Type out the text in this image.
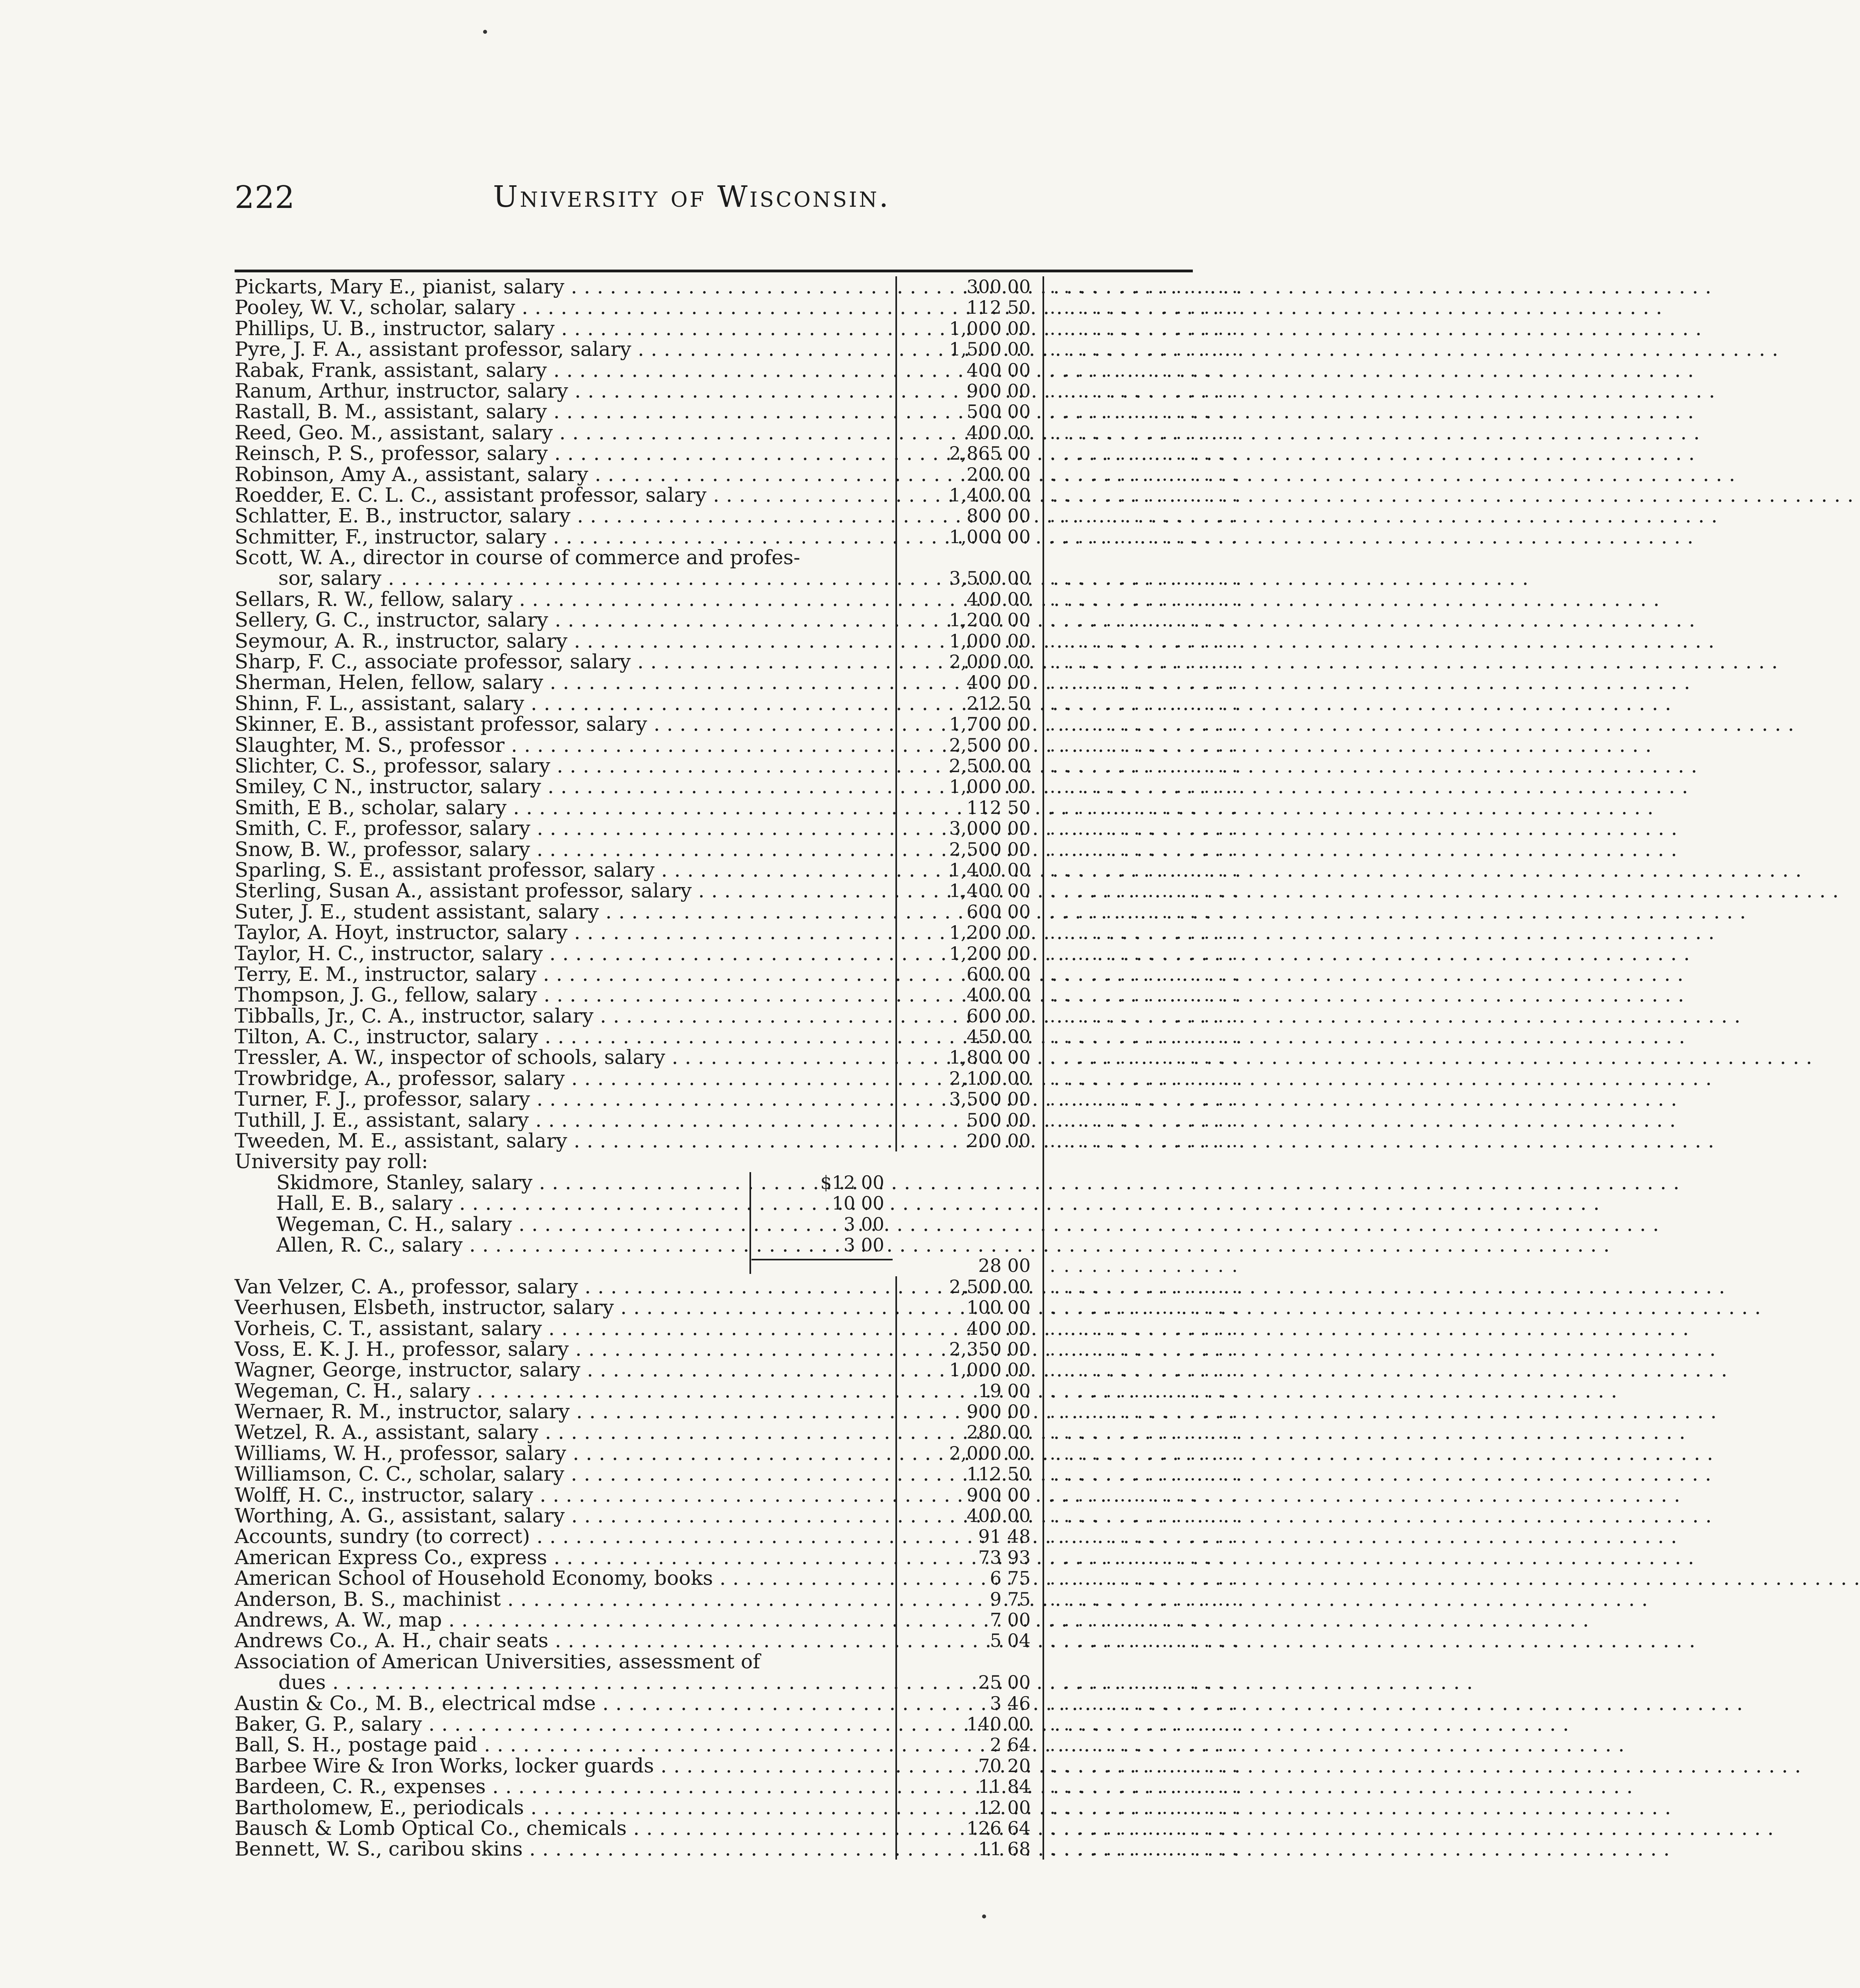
222	University of Wisconsin.
Pickarts, Mary E., pianist, salary . . .	300 00 . . . . . . . . . . . . . .
Pooley, W. V., scholar, salary . . .	112 50 . . . . . . . . . . . . . .
Phillips, U. B., instructor, salary . . .	1,000 00 . . . . . . . . . . . . . .
Pyre, J. F. A., assistant professor, salary . . .	1,500 00 . . . . . . . . . . . . . .
Rabak, Frank, assistant, salary . . .	400 00 . . . . . . . . . . . . . .
Ranum, Arthur, instructor, salary . . .	900 00 . . . . . . . . . . . . . .
Rastall, B. M., assistant, salary . . .	500 00 . . . . . . . . . . . . . .
Reed, Geo. M., assistant, salary . . .	400 00 . . . . . . . . . . . . . .
Reinsch, P. S., professor, salary . . .	2,865 00 . . . . . . . . . . . . . .
Robinson, Amy A., assistant, salary . . .	200 00 . . . . . . . . . . . . . .
Roedder, E. C. L. C., assistant professor, salary . . .	1,400 00 . . . . . . . . . . . . . .
Schlatter, E. B., instructor, salary . . .	800 00 . . . . . . . . . . . . . .
Schmitter, F., instructor, salary . . .	1,000 00 . . . . . . . . . . . . . .
Scott, W. A., director in course of commerce and profes-
sor, salary . . .	3,500 00 . . . . . . . . . . . . . .
Sellars, R. W., fellow, salary . . .	400 00 . . . . . . . . . . . . . .
Sellery, G. C., instructor, salary . . .	1,200 00 . . . . . . . . . . . . . .
Seymour, A. R., instructor, salary . . .	1,000 00 . . . . . . . . . . . . . .
Sharp, F. C., associate professor, salary . . .	2,000 00 . . . . . . . . . . . . . .
Sherman, Helen, fellow, salary . . .	400 00 . . . . . . . . . . . . . .
Shinn, F. L., assistant, salary . . .	212 50 . . . . . . . . . . . . . .
Skinner, E. B., assistant professor, salary . . .	1,700 00 . . . . . . . . . . . . . .
Slaughter, M. S., professor . . .	2,500 00 . . . . . . . . . . . . . .
Slichter, C. S., professor, salary . . .	2,500 00 . . . . . . . . . . . . . .
Smiley, C N., instructor, salary . . .	1,000 00 . . . . . . . . . . . . . .
Smith, E B., scholar, salary . . .	112 50 . . . . . . . . . . . . . .
Smith, C. F., professor, salary . . .	3,000 00 . . . . . . . . . . . . . .
Snow, B. W., professor, salary . . .	2,500 00 . . . . . . . . . . . . . .
Sparling, S. E., assistant professor, salary . . .	1,400 00 . . . . . . . . . . . . . .
Sterling, Susan A., assistant professor, salary . . .	1,400 00 . . . . . . . . . . . . . .
Suter, J. E., student assistant, salary . . .	600 00 . . . . . . . . . . . . . .
Taylor, A. Hoyt, instructor, salary . . .	1,200 00 . . . . . . . . . . . . . .
Taylor, H. C., instructor, salary . . .	1,200 00 . . . . . . . . . . . . . .
Terry, E. M., instructor, salary . . .	600 00 . . . . . . . . . . . . . .
Thompson, J. G., fellow, salary . . .	400 00 . . . . . . . . . . . . . .
Tibballs, Jr., C. A., instructor, salary . . .	600 00 . . . . . . . . . . . . . .
Tilton, A. C., instructor, salary . . .	450 00 . . . . . . . . . . . . . .
Tressler, A. W., inspector of schools, salary . . .	1,800 00 . . . . . . . . . . . . . .
Trowbridge, A., professor, salary . . .	2,100 00 . . . . . . . . . . . . . .
Turner, F. J., professor, salary . . .	3,500 00 . . . . . . . . . . . . . .
Tuthill, J. E., assistant, salary . . .	500 00 . . . . . . . . . . . . . .
Tweeden, M. E., assistant, salary . . .	200 00 . . . . . . . . . . . . . .
University pay roll:
Skidmore, Stanley, salary . . .	$12 00
Hall, E. B., salary . . .	10 00
Wegeman, C. H., salary . . .	3 00
Allen, R. C., salary . . .	3 00
28 00 . . . . . . . . . . . . . .
Van Velzer, C. A., professor, salary . . .	2,500 00 . . . . . . . . . . . . . .
Veerhusen, Elsbeth, instructor, salary . . .	100 00 . . . . . . . . . . . . . .
Vorheis, C. T., assistant, salary . . .	400 00 . . . . . . . . . . . . . .
Voss, E. K. J. H., professor, salary . . .	2,350 00 . . . . . . . . . . . . . .
Wagner, George, instructor, salary . . .	1,000 00 . . . . . . . . . . . . . .
Wegeman, C. H., salary . . .	19 00 . . . . . . . . . . . . . .
Wernaer, R. M., instructor, salary . . .	900 00 . . . . . . . . . . . . . .
Wetzel, R. A., assistant, salary . . .	280 00 . . . . . . . . . . . . . .
Williams, W. H., professor, salary . . .	2,000 00 . . . . . . . . . . . . . .
Williamson, C. C., scholar, salary . . .	112 50 . . . . . . . . . . . . . .
Wolff, H. C., instructor, salary . . .	900 00 . . . . . . . . . . . . . .
Worthing, A. G., assistant, salary . . .	400 00 . . . . . . . . . . . . . .
Accounts, sundry (to correct) . . .	91 48 . . . . . . . . . . . . . .
American Express Co., express . . .	73 93 . . . . . . . . . . . . . .
American School of Household Economy, books . . .	6 75 . . . . . . . . . . . . . .
Anderson, B. S., machinist . . .	9 75 . . . . . . . . . . . . . .
Andrews, A. W., map . . .	7 00 . . . . . . . . . . . . . .
Andrews Co., A. H., chair seats . . .	5 04 . . . . . . . . . . . . . .
Association of American Universities, assessment of
dues . . .	25 00 . . . . . . . . . . . . . .
Austin & Co., M. B., electrical mdse . . .	3 46 . . . . . . . . . . . . . .
Baker, G. P., salary . . .	140 00 . . . . . . . . . . . . . .
Ball, S. H., postage paid . . .	2 64 . . . . . . . . . . . . . .
Barbee Wire & Iron Works, locker guards . . .	70 20 . . . . . . . . . . . . . .
Bardeen, C. R., expenses . . .	11 84 . . . . . . . . . . . . . .
Bartholomew, E., periodicals . . .	12 00 . . . . . . . . . . . . . .
Bausch & Lomb Optical Co., chemicals . . .	126 64 . . . . . . . . . . . . . .
Bennett, W. S., caribou skins . . .	11 68 . . . . . . . . . . . . . .
